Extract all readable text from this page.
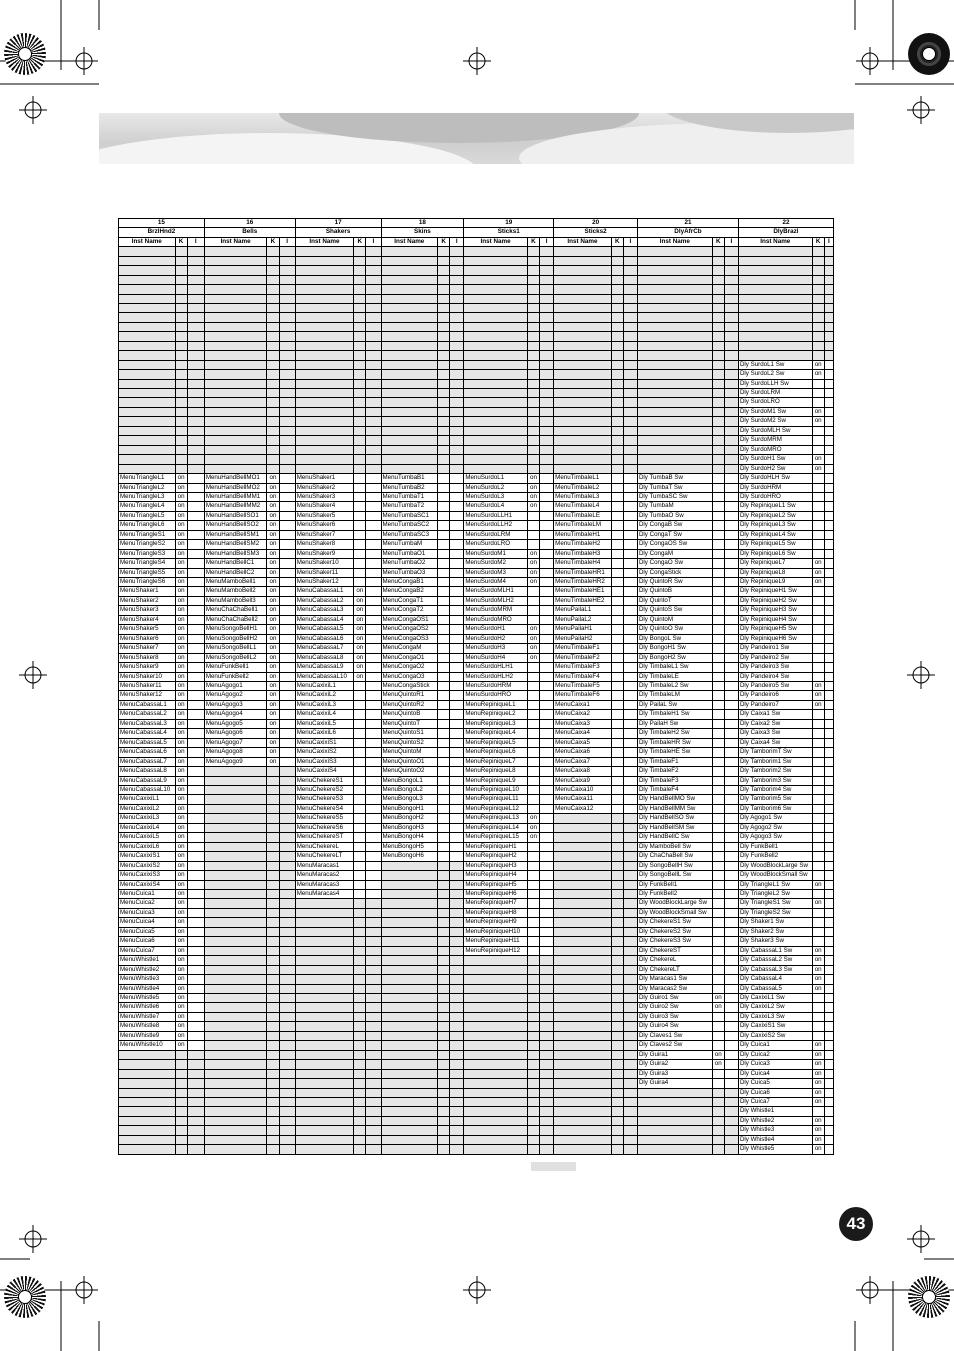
15			16			17			18			19			20			21			22		
BrzlHnd2			Bells			Shakers			Skins			Sticks1			Sticks2			DlyAfrCb			DlyBrazl		
Inst Name	K	I	Inst Name	K	I	Inst Name	K	I	Inst Name	K	I	Inst Name	K	I	Inst Name	K	I	Inst Name	K	I	Inst Name	K	I

																					Dly SurdoL1 Sw	on	
																					Dly SurdoL2 Sw	on	
																					Dly SurdoLLH Sw		
																					Dly SurdoLRM		
																					Dly SurdoLRO		
																					Dly SurdoM1 Sw	on	
																					Dly SurdoM2 Sw	on	
																					Dly SurdoMLH Sw		
																					Dly SurdoMRM		
																					Dly SurdoMRO		
																					Dly SurdoH1 Sw	on	
																					Dly SurdoH2 Sw	on	
MenuTriangleL1	on		MenuHandBellMO1	on		MenuShaker1			MenuTumbaB1			MenuSurdoL1	on		MenuTimbaleL1			Dly TumbaB Sw			Dly SurdoHLH Sw		
MenuTriangleL2	on		MenuHandBellMO2	on		MenuShaker2			MenuTumbaB2			MenuSurdoL2	on		MenuTimbaleL2			Dly TumbaT Sw			Dly SurdoHRM		
MenuTriangleL3	on		MenuHandBellMM1	on		MenuShaker3			MenuTumbaT1			MenuSurdoL3	on		MenuTimbaleL3			Dly TumbaSC Sw			Dly SurdoHRO		
MenuTriangleL4	on		MenuHandBellMM2	on		MenuShaker4			MenuTumbaT2			MenuSurdoL4	on		MenuTimbaleL4			Dly TumbaM			Dly RepiniqueL1 Sw		
MenuTriangleL5	on		MenuHandBellSO1	on		MenuShaker5			MenuTumbaSC1			MenuSurdoLLH1			MenuTimbaleLE			Dly TumbaO Sw			Dly RepiniqueL2 Sw		
MenuTriangleL6	on		MenuHandBellSO2	on		MenuShaker6			MenuTumbaSC2			MenuSurdoLLH2			MenuTimbaleLM			Dly CongaB Sw			Dly RepiniqueL3 Sw		
MenuTriangleS1	on		MenuHandBellSM1	on		MenuShaker7			MenuTumbaSC3			MenuSurdoLRM			MenuTimbaleH1			Dly CongaT Sw			Dly RepiniqueL4 Sw		
MenuTriangleS2	on		MenuHandBellSM2	on		MenuShaker8			MenuTumbaM			MenuSurdoLRO			MenuTimbaleH2			Dly CongaOS Sw			Dly RepiniqueL5 Sw		
MenuTriangleS3	on		MenuHandBellSM3	on		MenuShaker9			MenuTumbaO1			MenuSurdoM1	on		MenuTimbaleH3			Dly CongaM			Dly RepiniqueL6 Sw		
MenuTriangleS4	on		MenuHandBellC1	on		MenuShaker10			MenuTumbaO2			MenuSurdoM2	on		MenuTimbaleH4			Dly CongaO Sw			Dly RepiniqueL7	on	
MenuTriangleS5	on		MenuHandBellC2	on		MenuShaker11			MenuTumbaO3			MenuSurdoM3	on		MenuTimbaleHR1			Dly CongaStick			Dly RepiniqueL8	on	
MenuTriangleS6	on		MenuMamboBell1	on		MenuShaker12			MenuCongaB1			MenuSurdoM4	on		MenuTimbaleHR2			Dly QuintoR Sw			Dly RepiniqueL9	on	
MenuShaker1	on		MenuMamboBell2	on		MenuCabassaL1	on		MenuCongaB2			MenuSurdoMLH1			MenuTimbaleHE1			Dly QuintoB			Dly RepiniqueH1 Sw		
MenuShaker2	on		MenuMamboBell3	on		MenuCabassaL2	on		MenuCongaT1			MenuSurdoMLH2			MenuTimbaleHE2			Dly QuintoT			Dly RepiniqueH2 Sw		
MenuShaker3	on		MenuChaChaBell1	on		MenuCabassaL3	on		MenuCongaT2			MenuSurdoMRM			MenuPailaL1			Dly QuintoS Sw			Dly RepiniqueH3 Sw		
MenuShaker4	on		MenuChaChaBell2	on		MenuCabassaL4	on		MenuCongaOS1			MenuSurdoMRO			MenuPailaL2			Dly QuintoM			Dly RepiniqueH4 Sw		
MenuShaker5	on		MenuSongoBellH1	on		MenuCabassaL5	on		MenuCongaOS2			MenuSurdoH1	on		MenuPailaH1			Dly QuintoO Sw			Dly RepiniqueH5 Sw		
MenuShaker6	on		MenuSongoBellH2	on		MenuCabassaL6	on		MenuCongaOS3			MenuSurdoH2	on		MenuPailaH2			Dly BongoL Sw			Dly RepiniqueH6 Sw		
MenuShaker7	on		MenuSongoBellL1	on		MenuCabassaL7	on		MenuCongaM			MenuSurdoH3	on		MenuTimbaleF1			Dly BongoH1 Sw			Dly Pandeiro1 Sw		
MenuShaker8	on		MenuSongoBellL2	on		MenuCabassaL8	on		MenuCongaO1			MenuSurdoH4	on		MenuTimbaleF2			Dly BongoH2 Sw			Dly Pandeiro2 Sw		
MenuShaker9	on		MenuFunkBell1	on		MenuCabassaL9	on		MenuCongaO2			MenuSurdoHLH1			MenuTimbaleF3			Dly TimbaleL1 Sw			Dly Pandeiro3 Sw		
MenuShaker10	on		MenuFunkBell2	on		MenuCabassaL10	on		MenuCongaO3			MenuSurdoHLH2			MenuTimbaleF4			Dly TimbaleLE			Dly Pandeiro4 Sw		
MenuShaker11	on		MenuAgogo1	on		MenuCaxixiL1			MenuCongaStick			MenuSurdoHRM			MenuTimbaleF5			Dly TimbaleL2 Sw			Dly Pandeiro5 Sw	on	
MenuShaker12	on		MenuAgogo2	on		MenuCaxixiL2			MenuQuintoR1			MenuSurdoHRO			MenuTimbaleF6			Dly TimbaleLM			Dly Pandeiro6	on	
MenuCabassaL1	on		MenuAgogo3	on		MenuCaxixiL3			MenuQuintoR2			MenuRepiniqueL1			MenuCaixa1			Dly PailaL Sw			Dly Pandeiro7	on	
MenuCabassaL2	on		MenuAgogo4	on		MenuCaxixiL4			MenuQuintoB			MenuRepiniqueL2			MenuCaixa2			Dly TimbaleH1 Sw			Dly Caixa1 Sw		
MenuCabassaL3	on		MenuAgogo5	on		MenuCaxixiL5			MenuQuintoT			MenuRepiniqueL3			MenuCaixa3			Dly PailaH Sw			Dly Caixa2 Sw		
MenuCabassaL4	on		MenuAgogo6	on		MenuCaxixiL6			MenuQuintoS1			MenuRepiniqueL4			MenuCaixa4			Dly TimbaleH2 Sw			Dly Caixa3 Sw		
MenuCabassaL5	on		MenuAgogo7	on		MenuCaxixiS1			MenuQuintoS2			MenuRepiniqueL5			MenuCaixa5			Dly TimbaleHR Sw			Dly Caixa4 Sw		
MenuCabassaL6	on		MenuAgogo8	on		MenuCaxixiS2			MenuQuintoM			MenuRepiniqueL6			MenuCaixa6			Dly TimbaleHE Sw			Dly TamborimT Sw		
MenuCabassaL7	on		MenuAgogo9	on		MenuCaxixiS3			MenuQuintoO1			MenuRepiniqueL7			MenuCaixa7			Dly TimbaleF1			Dly Tamborim1 Sw		
MenuCabassaL8	on					MenuCaxixiS4			MenuQuintoO2			MenuRepiniqueL8			MenuCaixa8			Dly TimbaleF2			Dly Tamborim2 Sw		
MenuCabassaL9	on					MenuChekereS1			MenuBongoL1			MenuRepiniqueL9			MenuCaixa9			Dly TimbaleF3			Dly Tamborim3 Sw		
MenuCabassaL10	on					MenuChekereS2			MenuBongoL2			MenuRepiniqueL10			MenuCaixa10			Dly TimbaleF4			Dly Tamborim4 Sw		
MenuCaxixiL1	on					MenuChekereS3			MenuBongoL3			MenuRepiniqueL11			MenuCaixa11			Dly HandBellMO Sw			Dly Tamborim5 Sw		
MenuCaxixiL2	on					MenuChekereS4			MenuBongoH1			MenuRepiniqueL12			MenuCaixa12			Dly HandBellMM Sw			Dly Tamborim6 Sw		
MenuCaxixiL3	on					MenuChekereS5			MenuBongoH2			MenuRepiniqueL13	on					Dly HandBellSO Sw			Dly Agogo1 Sw		
MenuCaxixiL4	on					MenuChekereS6			MenuBongoH3			MenuRepiniqueL14	on					Dly HandBellSM Sw			Dly Agogo2 Sw		
MenuCaxixiL5	on					MenuChekereST			MenuBongoH4			MenuRepiniqueL15	on					Dly HandBellC Sw			Dly Agogo3 Sw		
MenuCaxixiL6	on					MenuChekereL			MenuBongoH5			MenuRepiniqueH1						Dly MamboBell Sw			Dly FunkBell1		
MenuCaxixiS1	on					MenuChekereLT			MenuBongoH6			MenuRepiniqueH2						Dly ChaChaBell Sw			Dly FunkBell2		
MenuCaxixiS2	on					MenuMaracas1						MenuRepiniqueH3						Dly SongoBellH Sw			Dly WoodBlockLarge Sw		
MenuCaxixiS3	on					MenuMaracas2						MenuRepiniqueH4						Dly SongoBellL Sw			Dly WoodBlockSmall Sw		
MenuCaxixiS4	on					MenuMaracas3						MenuRepiniqueH5						Dly FunkBell1			Dly TriangleL1 Sw	on	
MenuCuica1	on					MenuMaracas4						MenuRepiniqueH6						Dly FunkBell2			Dly TriangleL2 Sw		
MenuCuica2	on											MenuRepiniqueH7						Dly WoodBlockLarge Sw			Dly TriangleS1 Sw	on	
MenuCuica3	on											MenuRepiniqueH8						Dly WoodBlockSmall Sw			Dly TriangleS2 Sw		
MenuCuica4	on											MenuRepiniqueH9						Dly ChekereS1 Sw			Dly Shaker1 Sw		
MenuCuica5	on											MenuRepiniqueH10						Dly ChekereS2 Sw			Dly Shaker2 Sw		
MenuCuica6	on											MenuRepiniqueH11						Dly ChekereS3 Sw			Dly Shaker3 Sw		
MenuCuica7	on											MenuRepiniqueH12						Dly ChekereST			Dly CabassaL1 Sw	on	
MenuWhistle1	on																	Dly ChekereL			Dly CabassaL2 Sw	on	
MenuWhistle2	on																	Dly ChekereLT			Dly CabassaL3 Sw	on	
MenuWhistle3	on																	Dly Maracas1 Sw			Dly CabassaL4	on	
MenuWhistle4	on																	Dly Maracas2 Sw			Dly CabassaL5	on	
MenuWhistle5	on																	Dly Guiro1 Sw	on		Dly CaxixiL1 Sw		
MenuWhistle6	on																	Dly Guiro2 Sw	on		Dly CaxixiL2 Sw		
MenuWhistle7	on																	Dly Guiro3 Sw			Dly CaxixiL3 Sw		
MenuWhistle8	on																	Dly Guiro4 Sw			Dly CaxixiS1 Sw		
MenuWhistle9	on																	Dly Claves1 Sw			Dly CaxixiS2 Sw		
MenuWhistle10	on																	Dly Claves2 Sw			Dly Cuica1	on	
																		Dly Guira1	on		Dly Cuica2	on	
																		Dly Guira2	on		Dly Cuica3	on	
																		Dly Guira3			Dly Cuica4	on	
																		Dly Guira4			Dly Cuica5	on	
																					Dly Cuica6	on	
																					Dly Cuica7	on	
																					Dly Whistle1		
																					Dly Whistle2	on	
																					Dly Whistle3	on	
																					Dly Whistle4	on	
																					Dly Whistle5	on	
43
